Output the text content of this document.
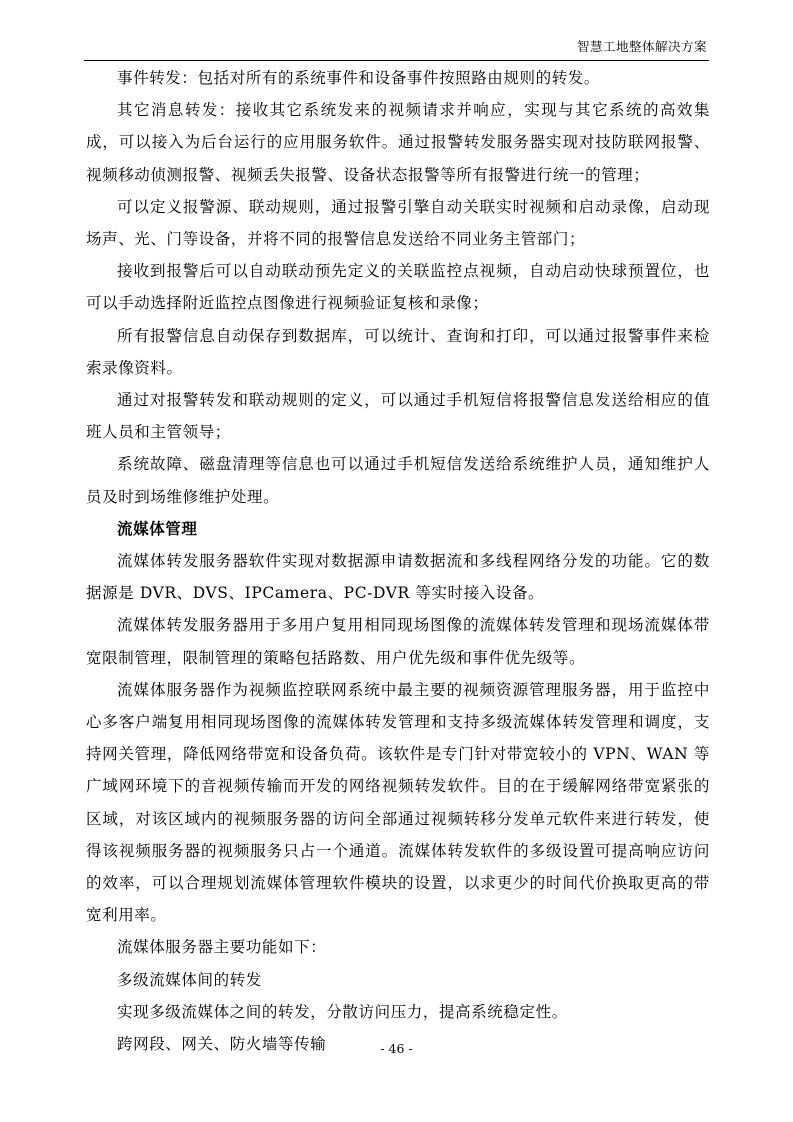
智慧工地整体解决方案

事件转发：包括对所有的系统事件和设备事件按照路由规则的转发。

其它消息转发：接收其它系统发来的视频请求并响应，实现与其它系统的高效集成，可以接入为后台运行的应用服务软件。通过报警转发服务器实现对技防联网报警、视频移动侦测报警、视频丢失报警、设备状态报警等所有报警进行统一的管理；

可以定义报警源、联动规则，通过报警引擎自动关联实时视频和启动录像，启动现场声、光、门等设备，并将不同的报警信息发送给不同业务主管部门；

接收到报警后可以自动联动预先定义的关联监控点视频，自动启动快球预置位，也可以手动选择附近监控点图像进行视频验证复核和录像；

所有报警信息自动保存到数据库，可以统计、查询和打印，可以通过报警事件来检索录像资料。

通过对报警转发和联动规则的定义，可以通过手机短信将报警信息发送给相应的值班人员和主管领导；

系统故障、磁盘清理等信息也可以通过手机短信发送给系统维护人员，通知维护人员及时到场维修维护处理。

流媒体管理

流媒体转发服务器软件实现对数据源申请数据流和多线程网络分发的功能。它的数据源是 DVR、DVS、IPCamera、PC-DVR 等实时接入设备。

流媒体转发服务器用于多用户复用相同现场图像的流媒体转发管理和现场流媒体带宽限制管理，限制管理的策略包括路数、用户优先级和事件优先级等。

流媒体服务器作为视频监控联网系统中最主要的视频资源管理服务器，用于监控中心多客户端复用相同现场图像的流媒体转发管理和支持多级流媒体转发管理和调度，支持网关管理，降低网络带宽和设备负荷。该软件是专门针对带宽较小的 VPN、WAN 等广域网环境下的音视频传输而开发的网络视频转发软件。目的在于缓解网络带宽紧张的区域，对该区域内的视频服务器的访问全部通过视频转移分发单元软件来进行转发，使得该视频服务器的视频服务只占一个通道。流媒体转发软件的多级设置可提高响应访问的效率，可以合理规划流媒体管理软件模块的设置，以求更少的时间代价换取更高的带宽利用率。

流媒体服务器主要功能如下：

多级流媒体间的转发

实现多级流媒体之间的转发，分散访问压力，提高系统稳定性。

跨网段、网关、防火墙等传输	- 46 -
